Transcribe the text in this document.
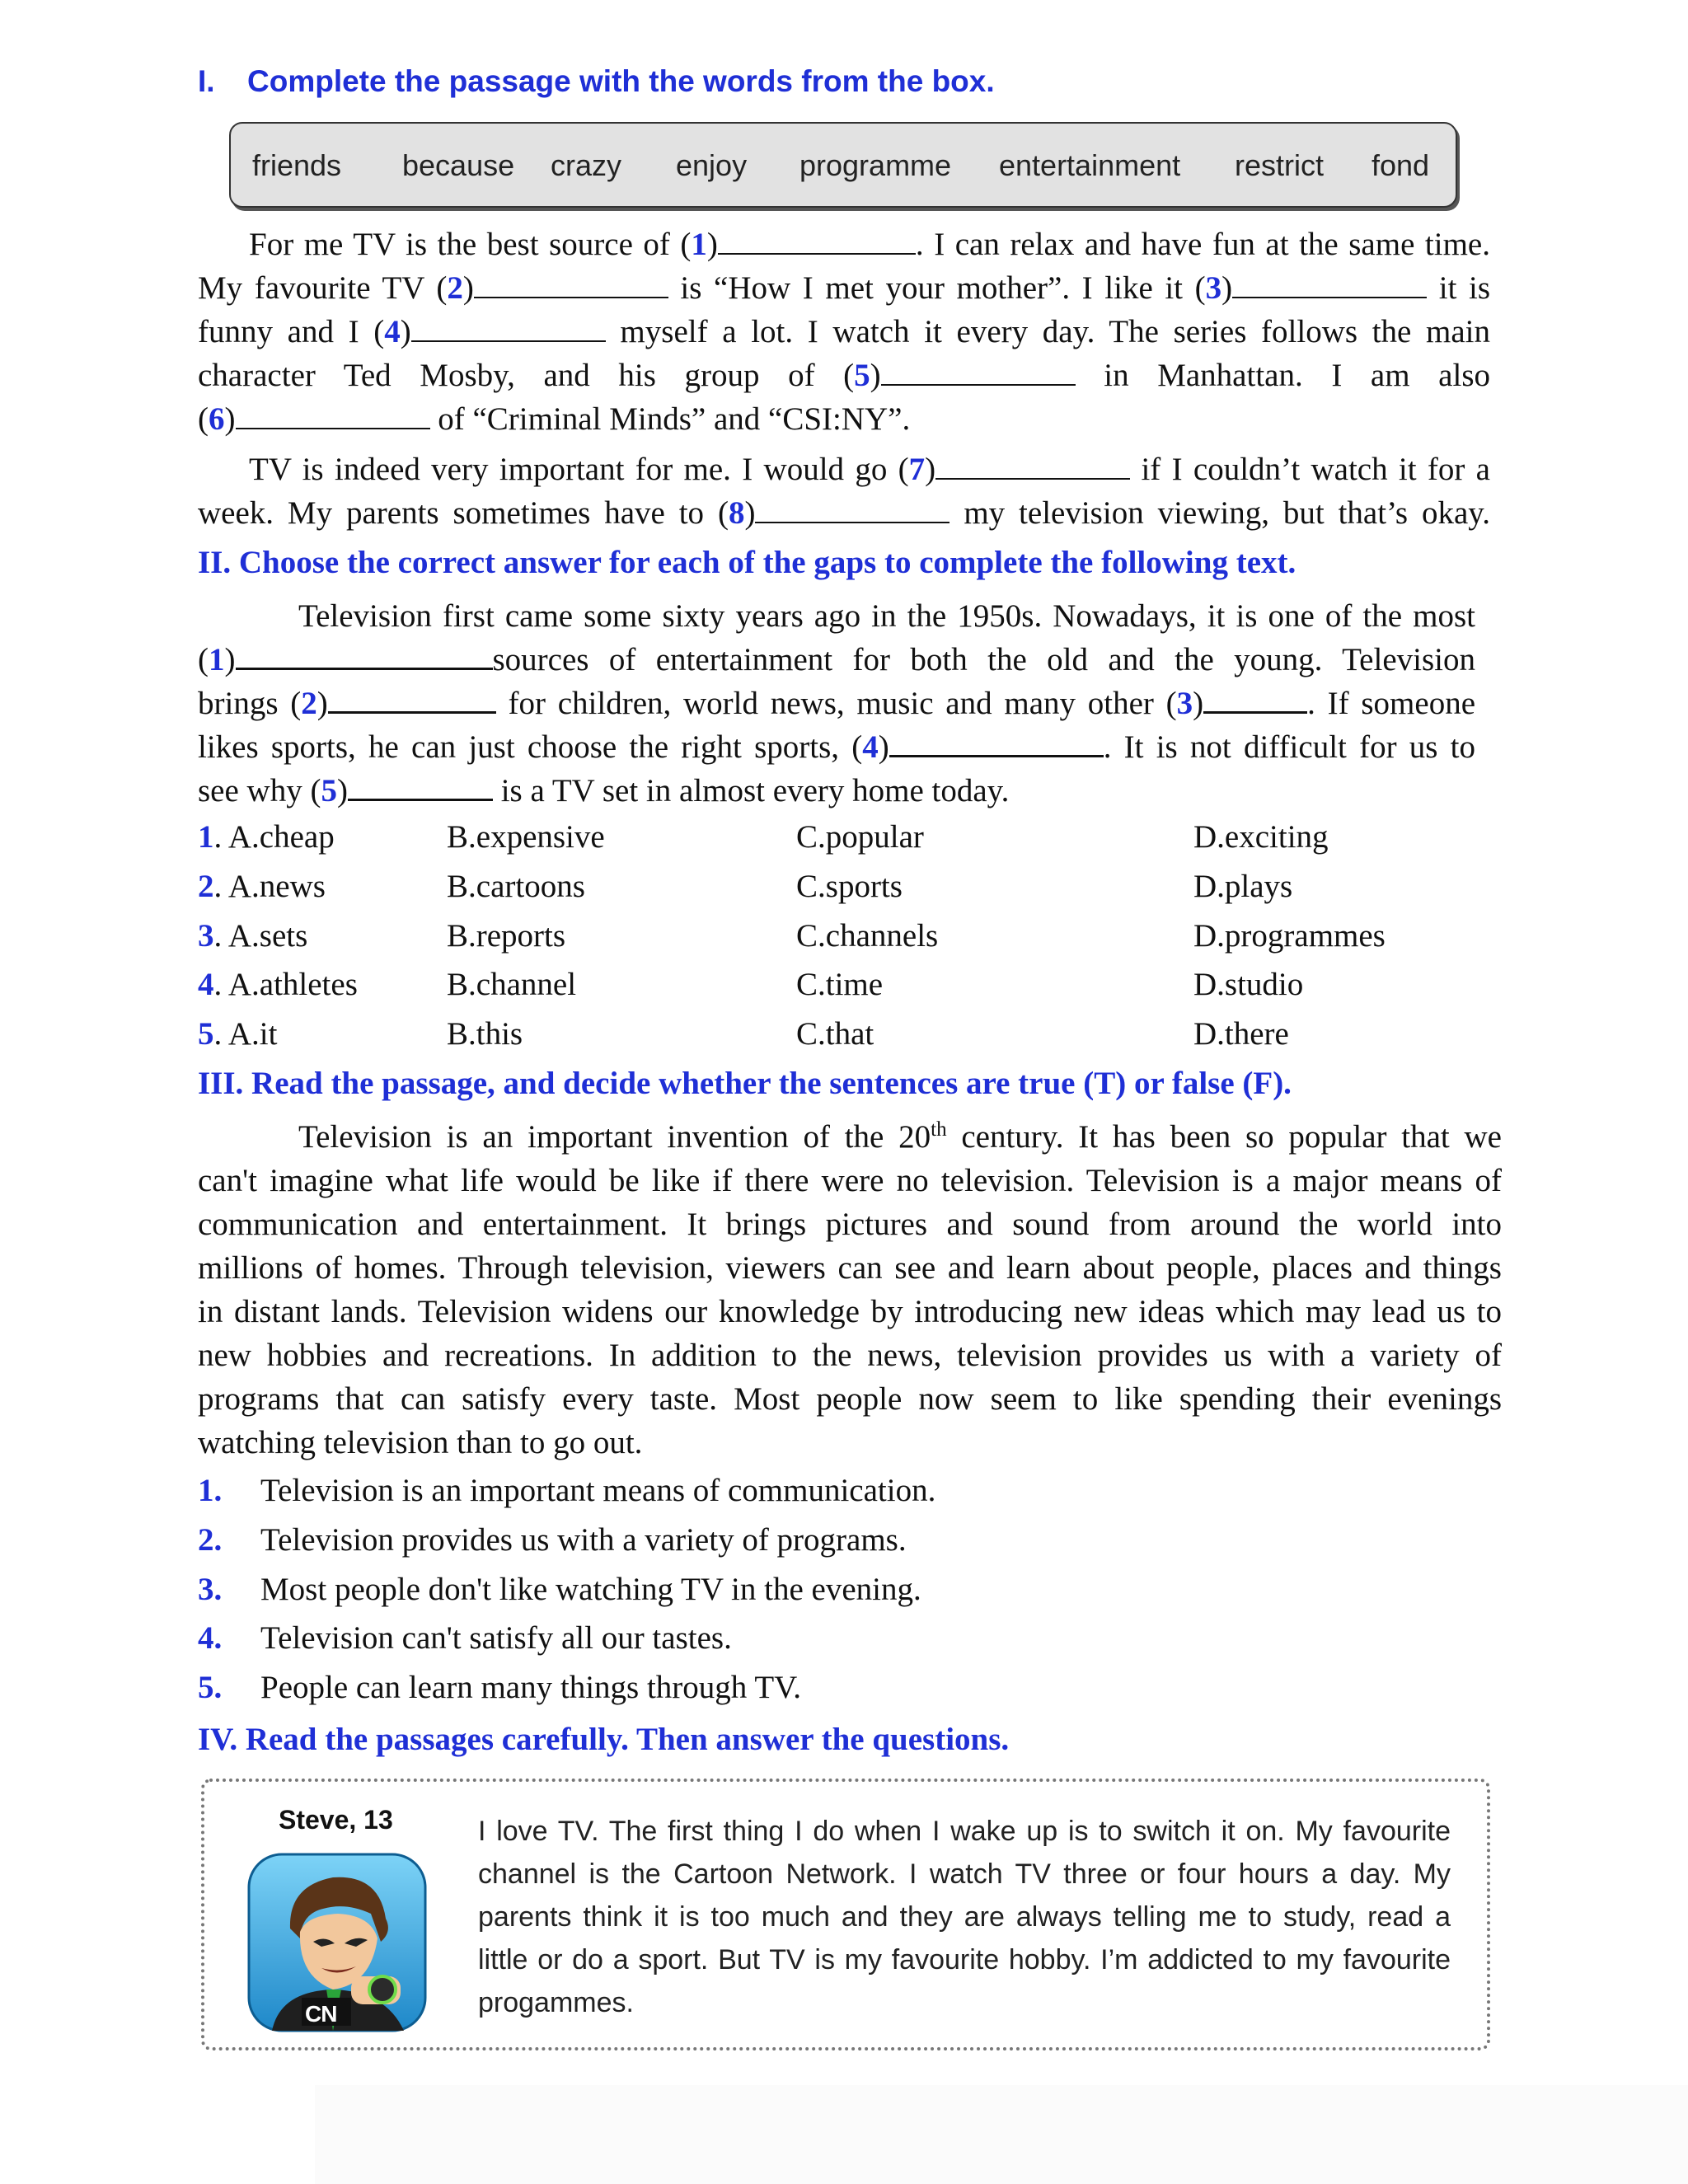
I. Complete the passage with the words from the box.
friends because crazy enjoy programme entertainment restrict fond
For me TV is the best source of (1)	. I can relax and have fun at the same time.
My favourite TV (2)	is “How I met your mother”. I like it (3)	it is
funny and I (4)	myself a lot. I watch it every day. The series follows the main
character Ted Mosby, and his group of (5)	in Manhattan. I am also
(6)	of “Criminal Minds” and “CSI:NY”.
TV is indeed very important for me. I would go (7)	if I couldn’t watch it for a
week. My parents sometimes have to (8)	my television viewing, but that’s okay.
II. Choose the correct answer for each of the gaps to complete the following text.
Television first came some sixty years ago in the 1950s. Nowadays, it is one of the most
(1)	sources of entertainment for both the old and the young. Television
brings (2)	for children, world news, music and many other (3)	. If someone
likes sports, he can just choose the right sports, (4)	. It is not difficult for us to
see why (5)	is a TV set in almost every home today.
1. A.cheap	B.expensive	C.popular	D.exciting
2. A.news	B.cartoons	C.sports	D.plays
3. A.sets	B.reports	C.channels	D.programmes
4. A.athletes	B.channel	C.time	D.studio
5. A.it	B.this	C.that	D.there
III. Read the passage, and decide whether the sentences are true (T) or false (F).
Television is an important invention of the 20th century. It has been so popular that we
can't imagine what life would be like if there were no television. Television is a major means of
communication and entertainment. It brings pictures and sound from around the world into
millions of homes. Through television, viewers can see and learn about people, places and things
in distant lands. Television widens our knowledge by introducing new ideas which may lead us to
new hobbies and recreations. In addition to the news, television provides us with a variety of
programs that can satisfy every taste. Most people now seem to like spending their evenings
watching television than to go out.
1. Television is an important means of communication.
2. Television provides us with a variety of programs.
3. Most people don't like watching TV in the evening.
4. Television can't satisfy all our tastes.
5. People can learn many things through TV.
IV. Read the passages carefully. Then answer the questions.
Steve, 13
CN
I love TV. The first thing I do when I wake up is to switch it on. My favourite
channel is the Cartoon Network. I watch TV three or four hours a day. My
parents think it is too much and they are always telling me to study, read a
little or do a sport. But TV is my favourite hobby. I’m addicted to my favourite
progammes.
